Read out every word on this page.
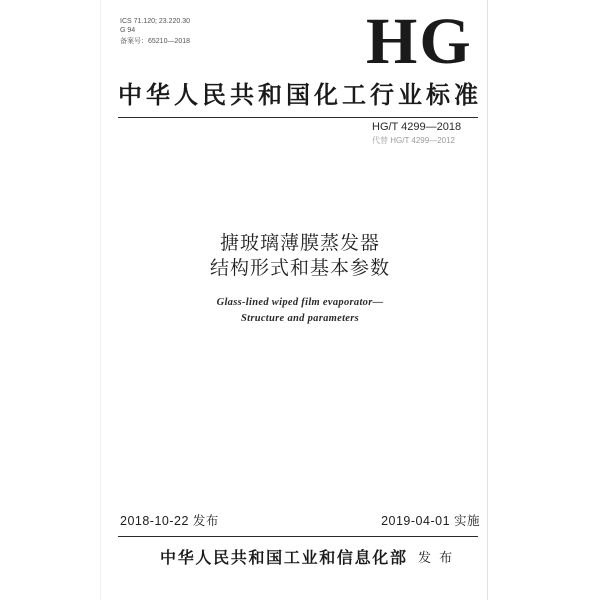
ICS 71.120; 23.220.30
G 94
备案号：65210—2018	HG
中华人民共和国化工行业标准
HG/T 4299—2018
代替 HG/T 4299—2012
搪玻璃薄膜蒸发器
结构形式和基本参数
Glass-lined wiped film evaporator—
Structure and parameters
2018-10-22 发布	2019-04-01 实施
中华人民共和国工业和信息化部 发 布
